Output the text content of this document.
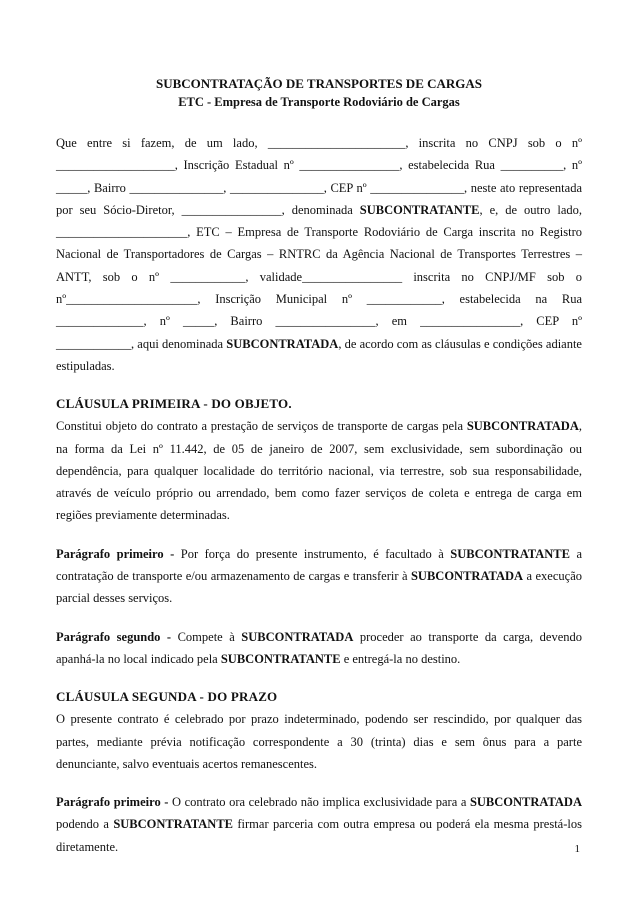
SUBCONTRATAÇÃO DE TRANSPORTES DE CARGAS
ETC - Empresa de Transporte Rodoviário de Cargas

Que entre si fazem, de um lado, ______________________, inscrita no CNPJ sob o nº ___________________, Inscrição Estadual nº ________________, estabelecida Rua __________, nº _____, Bairro _______________, _______________, CEP nº _______________, neste ato representada por seu Sócio-Diretor, ________________, denominada SUBCONTRATANTE, e, de outro lado, _____________________, ETC – Empresa de Transporte Rodoviário de Carga inscrita no Registro Nacional de Transportadores de Cargas – RNTRC da Agência Nacional de Transportes Terrestres – ANTT, sob o nº ____________, validade________________ inscrita no CNPJ/MF sob o nº_____________________, Inscrição Municipal nº ____________, estabelecida na Rua ______________, nº _____, Bairro ________________, em ________________, CEP nº ____________, aqui denominada SUBCONTRATADA, de acordo com as cláusulas e condições adiante estipuladas.

CLÁUSULA PRIMEIRA - DO OBJETO.

Constitui objeto do contrato a prestação de serviços de transporte de cargas pela SUBCONTRATADA, na forma da Lei nº 11.442, de 05 de janeiro de 2007, sem exclusividade, sem subordinação ou dependência, para qualquer localidade do território nacional, via terrestre, sob sua responsabilidade, através de veículo próprio ou arrendado, bem como fazer serviços de coleta e entrega de carga em regiões previamente determinadas.

Parágrafo primeiro - Por força do presente instrumento, é facultado à SUBCONTRATANTE a contratação de transporte e/ou armazenamento de cargas e transferir à SUBCONTRATADA a execução parcial desses serviços.

Parágrafo segundo - Compete à SUBCONTRATADA proceder ao transporte da carga, devendo apanhá-la no local indicado pela SUBCONTRATANTE e entregá-la no destino.

CLÁUSULA SEGUNDA - DO PRAZO

O presente contrato é celebrado por prazo indeterminado, podendo ser rescindido, por qualquer das partes, mediante prévia notificação correspondente a 30 (trinta) dias e sem ônus para a parte denunciante, salvo eventuais acertos remanescentes.

Parágrafo primeiro - O contrato ora celebrado não implica exclusividade para a SUBCONTRATADA podendo a SUBCONTRATANTE firmar parceria com outra empresa ou poderá ela mesma prestá-los diretamente.	1
